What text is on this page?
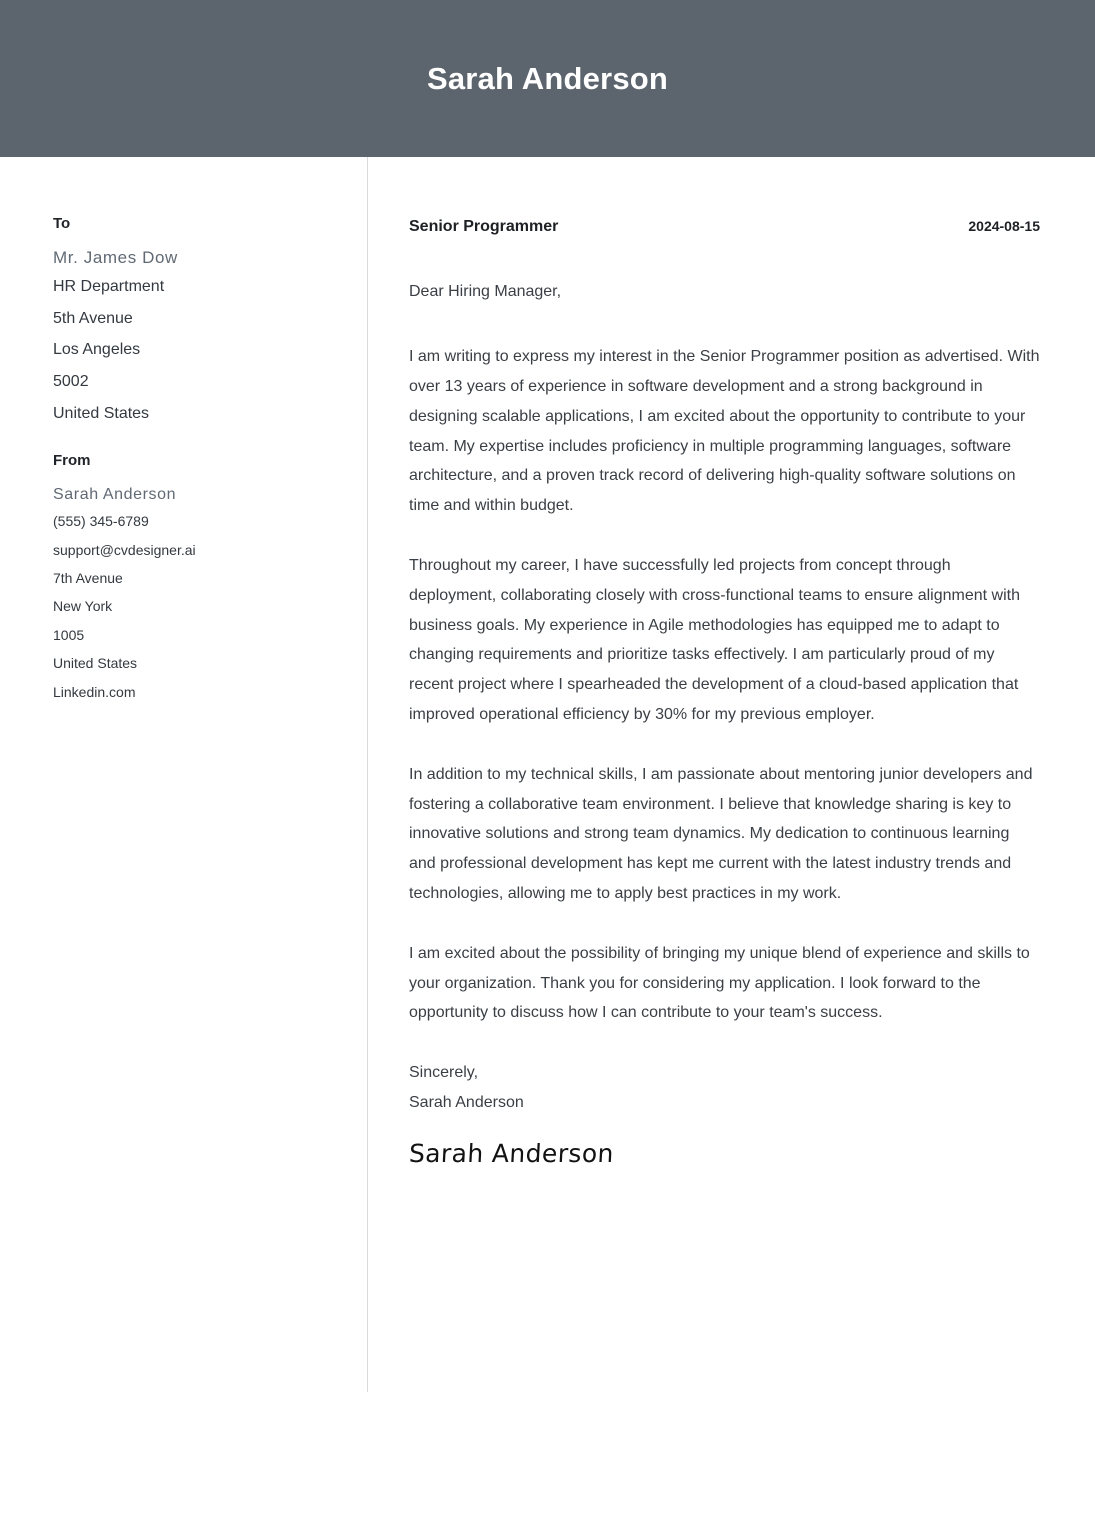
Sarah Anderson
To
Mr. James Dow
HR Department
5th Avenue
Los Angeles
5002
United States
From
Sarah Anderson
(555) 345-6789
support@cvdesigner.ai
7th Avenue
New York
1005
United States
Linkedin.com
Senior Programmer	2024-08-15

Dear Hiring Manager,

I am writing to express my interest in the Senior Programmer position as advertised. With over 13 years of experience in software development and a strong background in designing scalable applications, I am excited about the opportunity to contribute to your team. My expertise includes proficiency in multiple programming languages, software architecture, and a proven track record of delivering high-quality software solutions on time and within budget.

Throughout my career, I have successfully led projects from concept through deployment, collaborating closely with cross-functional teams to ensure alignment with business goals. My experience in Agile methodologies has equipped me to adapt to changing requirements and prioritize tasks effectively. I am particularly proud of my recent project where I spearheaded the development of a cloud-based application that improved operational efficiency by 30% for my previous employer.

In addition to my technical skills, I am passionate about mentoring junior developers and fostering a collaborative team environment. I believe that knowledge sharing is key to innovative solutions and strong team dynamics. My dedication to continuous learning and professional development has kept me current with the latest industry trends and technologies, allowing me to apply best practices in my work.

I am excited about the possibility of bringing my unique blend of experience and skills to your organization. Thank you for considering my application. I look forward to the opportunity to discuss how I can contribute to your team's success.

Sincerely,
Sarah Anderson
Sarah Anderson
